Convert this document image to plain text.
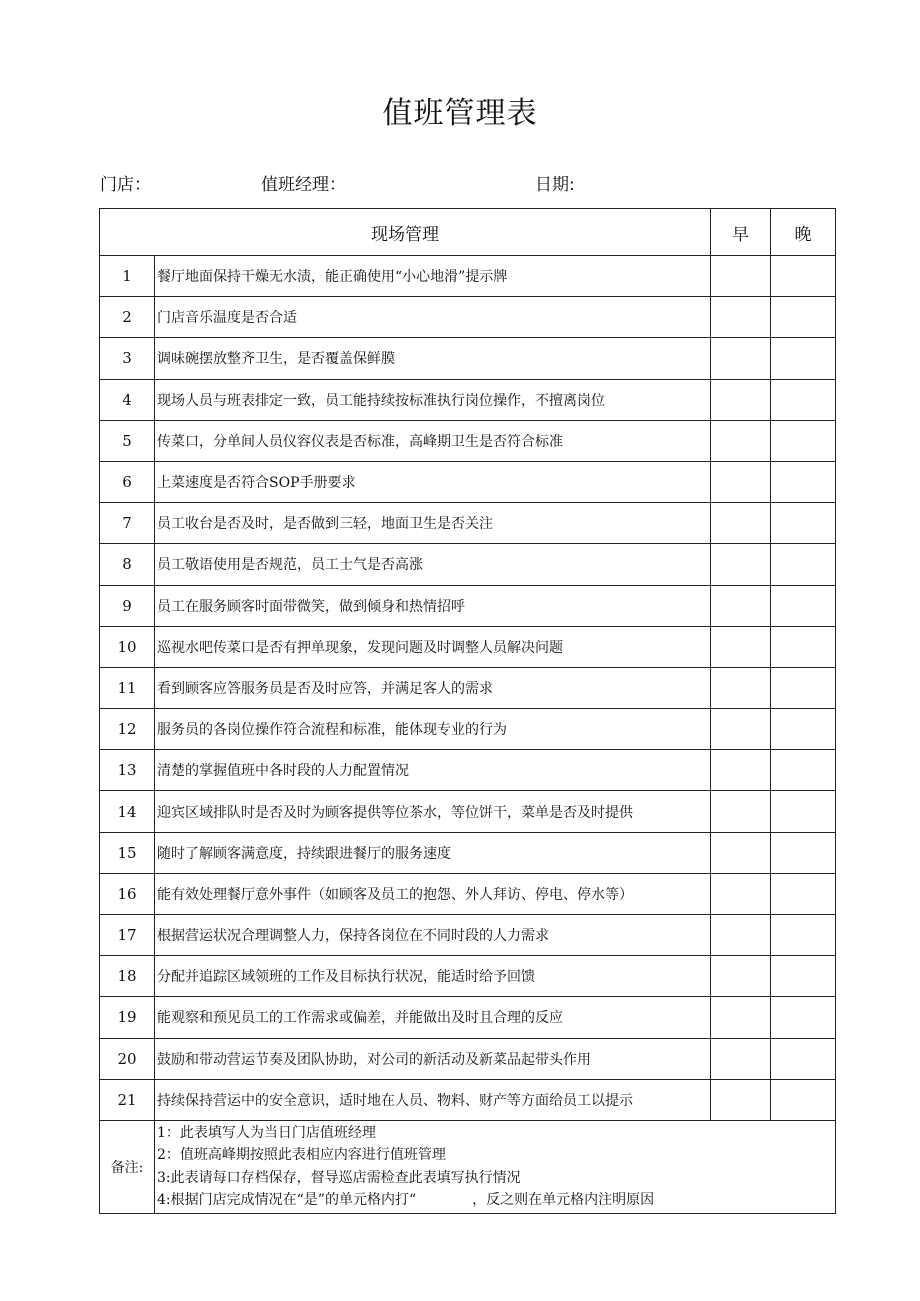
值班管理表
门店：	值班经理：	日期:
现场管理		早	晚
1	餐厅地面保持干燥无水渍，能正确使用“小心地滑”提示牌		
2	门店音乐温度是否合适		
3	调味碗摆放整齐卫生，是否覆盖保鲜膜		
4	现场人员与班表排定一致，员工能持续按标准执行岗位操作，不擅离岗位		
5	传菜口，分单间人员仪容仪表是否标准，高峰期卫生是否符合标准		
6	上菜速度是否符合SOP手册要求		
7	员工收台是否及时，是否做到三轻，地面卫生是否关注		
8	员工敬语使用是否规范，员工士气是否高涨		
9	员工在服务顾客时面带微笑，做到倾身和热情招呼		
10	巡视水吧传菜口是否有押单现象，发现问题及时调整人员解决问题		
11	看到顾客应答服务员是否及时应答，并满足客人的需求		
12	服务员的各岗位操作符合流程和标准，能体现专业的行为		
13	清楚的掌握值班中各时段的人力配置情况		
14	迎宾区域排队时是否及时为顾客提供等位茶水，等位饼干，菜单是否及时提供		
15	随时了解顾客满意度，持续跟进餐厅的服务速度		
16	能有效处理餐厅意外事件（如顾客及员工的抱怨、外人拜访、停电、停水等）		
17	根据营运状况合理调整人力，保持各岗位在不同时段的人力需求		
18	分配并追踪区域领班的工作及目标执行状况，能适时给予回馈		
19	能观察和预见员工的工作需求或偏差，并能做出及时且合理的反应		
20	鼓励和带动营运节奏及团队协助，对公司的新活动及新菜品起带头作用		
21	持续保持营运中的安全意识，适时地在人员、物料、财产等方面给员工以提示		
备注:	1：此表填写人为当日门店值班经理
2：值班高峰期按照此表相应内容进行值班管理
3:此表请每口存档保存，督导巡店需检查此表填写执行情况
4:根据门店完成情况在“是”的单元格内打“　　　　，反之则在单元格内注明原因		
